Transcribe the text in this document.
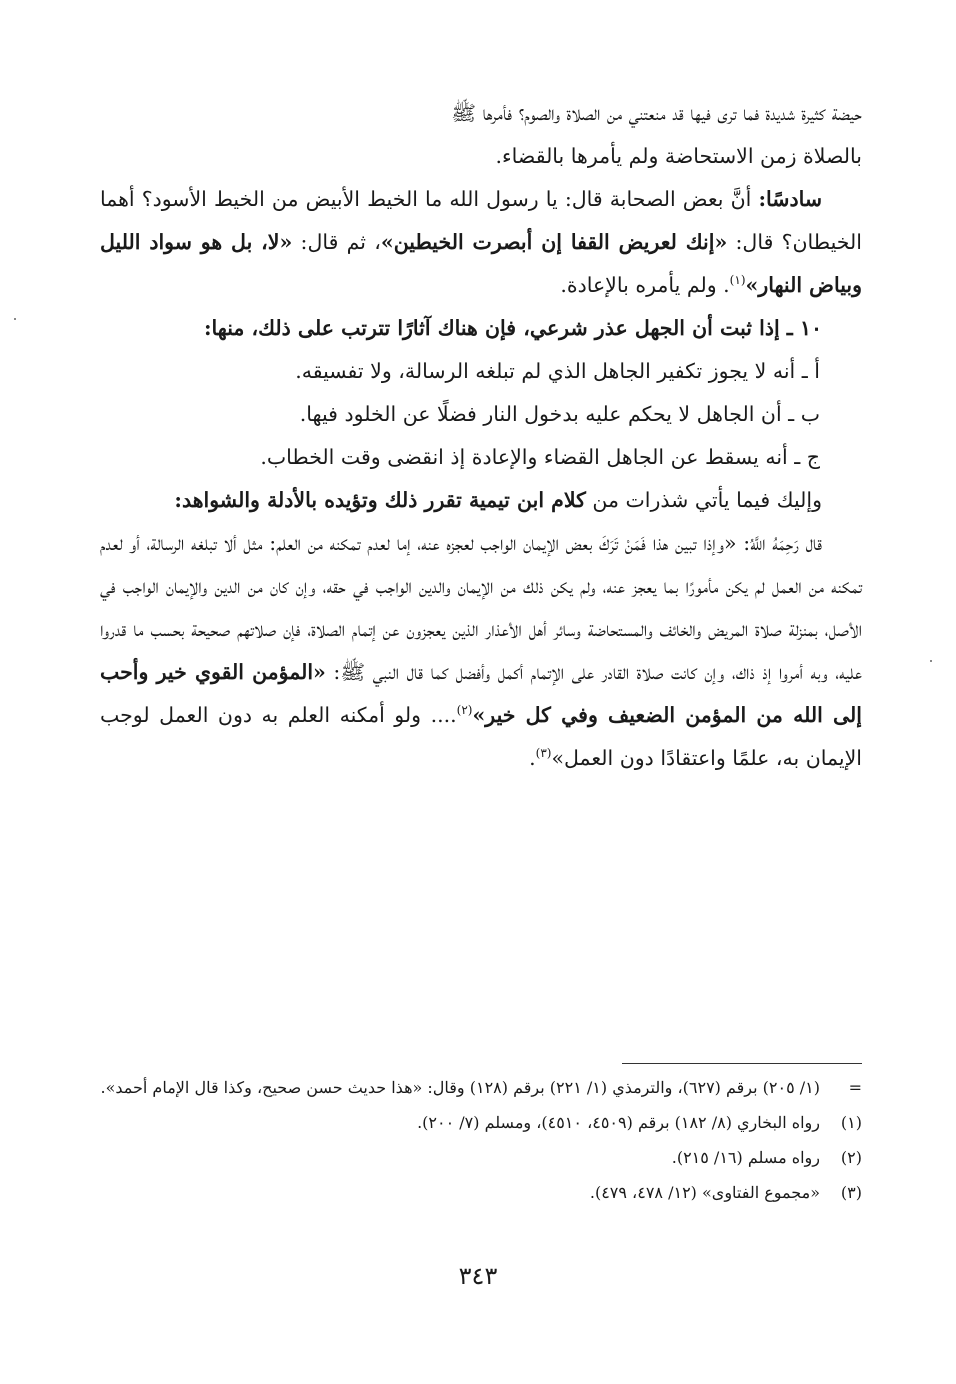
حيضة كثيرة شديدة فما ترى فيها قد منعتني من الصلاة والصوم؟ فأمرها ﷺ
بالصلاة زمن الاستحاضة ولم يأمرها بالقضاء.

سادسًا: أنَّ بعض الصحابة قال: يا رسول الله ما الخيط الأبيض من الخيط الأسود؟ أهما الخيطان؟ قال: «إنك لعريض القفا إن أبصرت الخيطين»، ثم قال: «لا، بل هو سواد الليل وبياض النهار»$^{(١)}$. ولم يأمره بالإعادة.

١٠ ـ إذا ثبت أن الجهل عذر شرعي، فإن هناك آثارًا تترتب على ذلك، منها:

أ ـ أنه لا يجوز تكفير الجاهل الذي لم تبلغه الرسالة، ولا تفسيقه.

ب ـ أن الجاهل لا يحكم عليه بدخول النار فضلًا عن الخلود فيها.

ج ـ أنه يسقط عن الجاهل القضاء والإعادة إذ انقضى وقت الخطاب.

وإليك فيما يأتي شذرات من كلام ابن تيمية تقرر ذلك وتؤيده بالأدلة والشواهد:

قال رَحِمَهُ اللَّهُ: «وإذا تبين هذا فَمَنْ تَرَكَ بعض الإيمان الواجب لعجزه عنه، إما لعدم تمكنه من العلم: مثل ألا تبلغه الرسالة، أو لعدم تمكنه من العمل لم يكن مأمورًا بما يعجز عنه، ولم يكن ذلك من الإيمان والدين الواجب في حقه، وإن كان من الدين والإيمان الواجب في الأصل، بمنزلة صلاة المريض والخائف والمستحاضة وسائر أهل الأعذار الذين يعجزون عن إتمام الصلاة، فإن صلاتهم صحيحة بحسب ما قدروا عليه، وبه أمروا إذ ذاك، وإن كانت صلاة القادر على الإتمام أكمل وأفضل كما قال النبي ﷺ: «المؤمن القوي خير وأحب إلى الله من المؤمن الضعيف وفي كل خير»$^{(٢)}$.... ولو أمكنه العلم به دون العمل لوجب الإيمان به، علمًا واعتقادًا دون العمل»$^{(٣)}$.

=(١/ ٢٠٥) برقم (٦٢٧)، والترمذي (١/ ٢٢١) برقم (١٢٨) وقال: «هذا حديث حسن صحيح، وكذا قال الإمام أحمد».

(١)رواه البخاري (٨/ ١٨٢) برقم (٤٥٠٩، ٤٥١٠)، ومسلم (٧/ ٢٠٠).

(٢)رواه مسلم (١٦/ ٢١٥).

(٣)«مجموع الفتاوى» (١٢/ ٤٧٨، ٤٧٩).

٣٤٣
